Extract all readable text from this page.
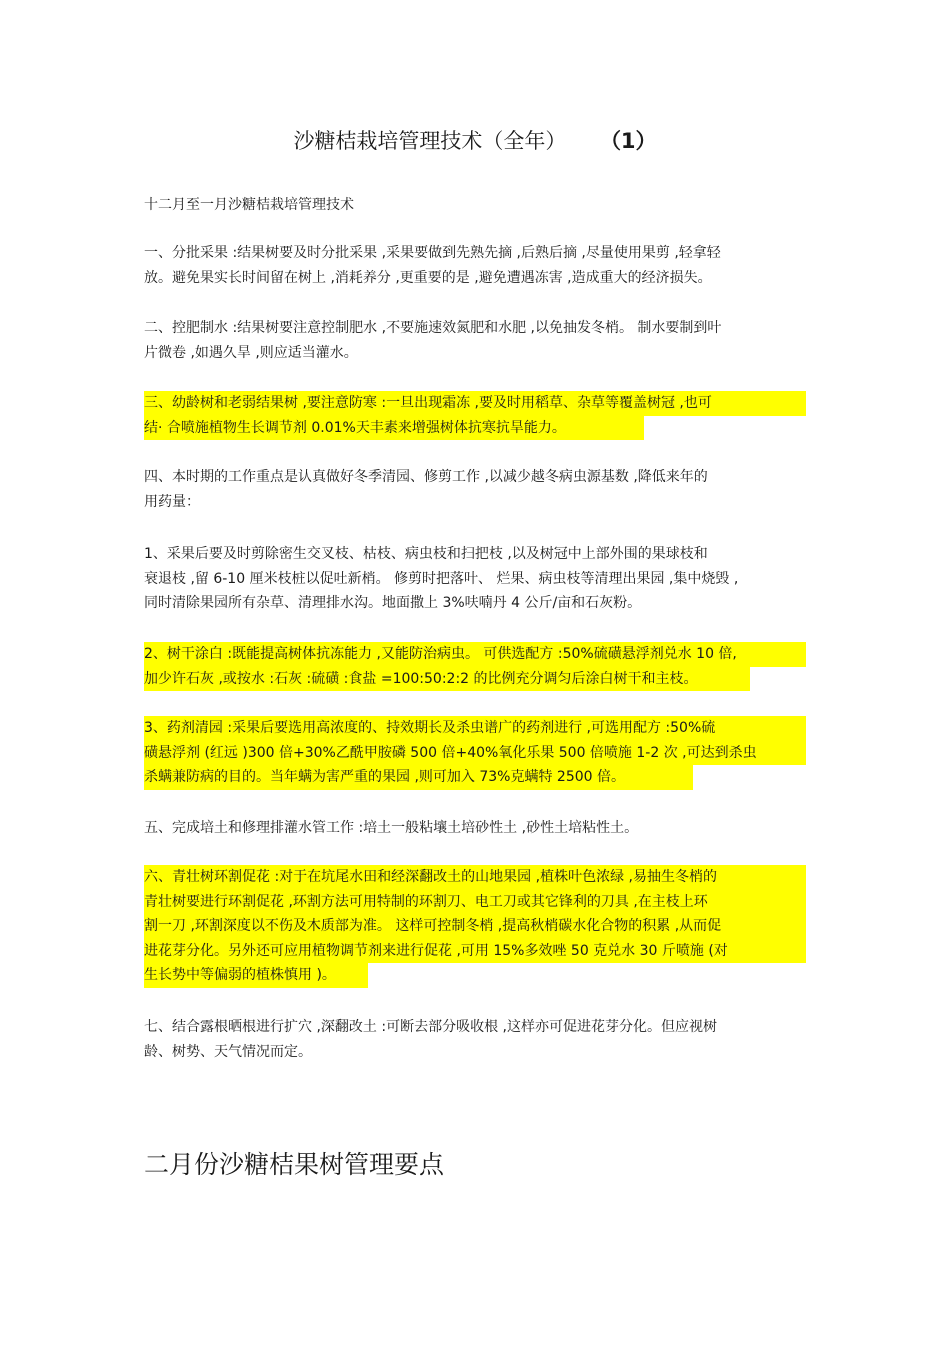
沙糖桔栽培管理技术（全年） （1）
十二月至一月沙糖桔栽培管理技术
一、分批采果 :结果树要及时分批采果 ,采果要做到先熟先摘 ,后熟后摘 ,尽量使用果剪 ,轻拿轻
放。避免果实长时间留在树上 ,消耗养分 ,更重要的是 ,避免遭遇冻害 ,造成重大的经济损失。
二、控肥制水 :结果树要注意控制肥水 ,不要施速效氮肥和水肥 ,以免抽发冬梢。 制水要制到叶
片微卷 ,如遇久旱 ,则应适当灌水。
三、幼龄树和老弱结果树 ,要注意防寒 :一旦出现霜冻 ,要及时用稻草、杂草等覆盖树冠 ,也可
结· 合喷施植物生长调节剂 0.01%天丰素来增强树体抗寒抗旱能力。
四、本时期的工作重点是认真做好冬季清园、修剪工作 ,以减少越冬病虫源基数 ,降低来年的
用药量：
1、采果后要及时剪除密生交叉枝、枯枝、病虫枝和扫把枝 ,以及树冠中上部外围的果球枝和
衰退枝 ,留 6-10 厘米枝桩以促吐新梢。 修剪时把落叶、 烂果、病虫枝等清理出果园 ,集中烧毁 ,
同时清除果园所有杂草、清理排水沟。地面撒上 3%呋喃丹 4 公斤/亩和石灰粉。
2、树干涂白 :既能提高树体抗冻能力 ,又能防治病虫。 可供选配方 :50%硫磺悬浮剂兑水 10 倍,
加少许石灰 ,或按水 :石灰 :硫磺 :食盐 =100:50:2:2 的比例充分调匀后涂白树干和主枝。
3、药剂清园 :采果后要选用高浓度的、持效期长及杀虫谱广的药剂进行 ,可选用配方 :50%硫
磺悬浮剂 (红远 )300 倍+30%乙酰甲胺磷 500 倍+40%氧化乐果 500 倍喷施 1-2 次 ,可达到杀虫
杀螨兼防病的目的。当年螨为害严重的果园 ,则可加入 73%克螨特 2500 倍。
五、完成培土和修理排灌水管工作 :培土一般粘壤土培砂性土 ,砂性土培粘性土。
六、青壮树环割促花 :对于在坑尾水田和经深翻改土的山地果园 ,植株叶色浓绿 ,易抽生冬梢的
青壮树要进行环割促花 ,环割方法可用特制的环割刀、电工刀或其它锋利的刀具 ,在主枝上环
割一刀 ,环割深度以不伤及木质部为准。 这样可控制冬梢 ,提高秋梢碳水化合物的积累 ,从而促
进花芽分化。另外还可应用植物调节剂来进行促花 ,可用 15%多效唑 50 克兑水 30 斤喷施 (对
生长势中等偏弱的植株慎用 )。
七、结合露根晒根进行扩穴 ,深翻改土 :可断去部分吸收根 ,这样亦可促进花芽分化。但应视树
龄、树势、天气情况而定。
二月份沙糖桔果树管理要点
